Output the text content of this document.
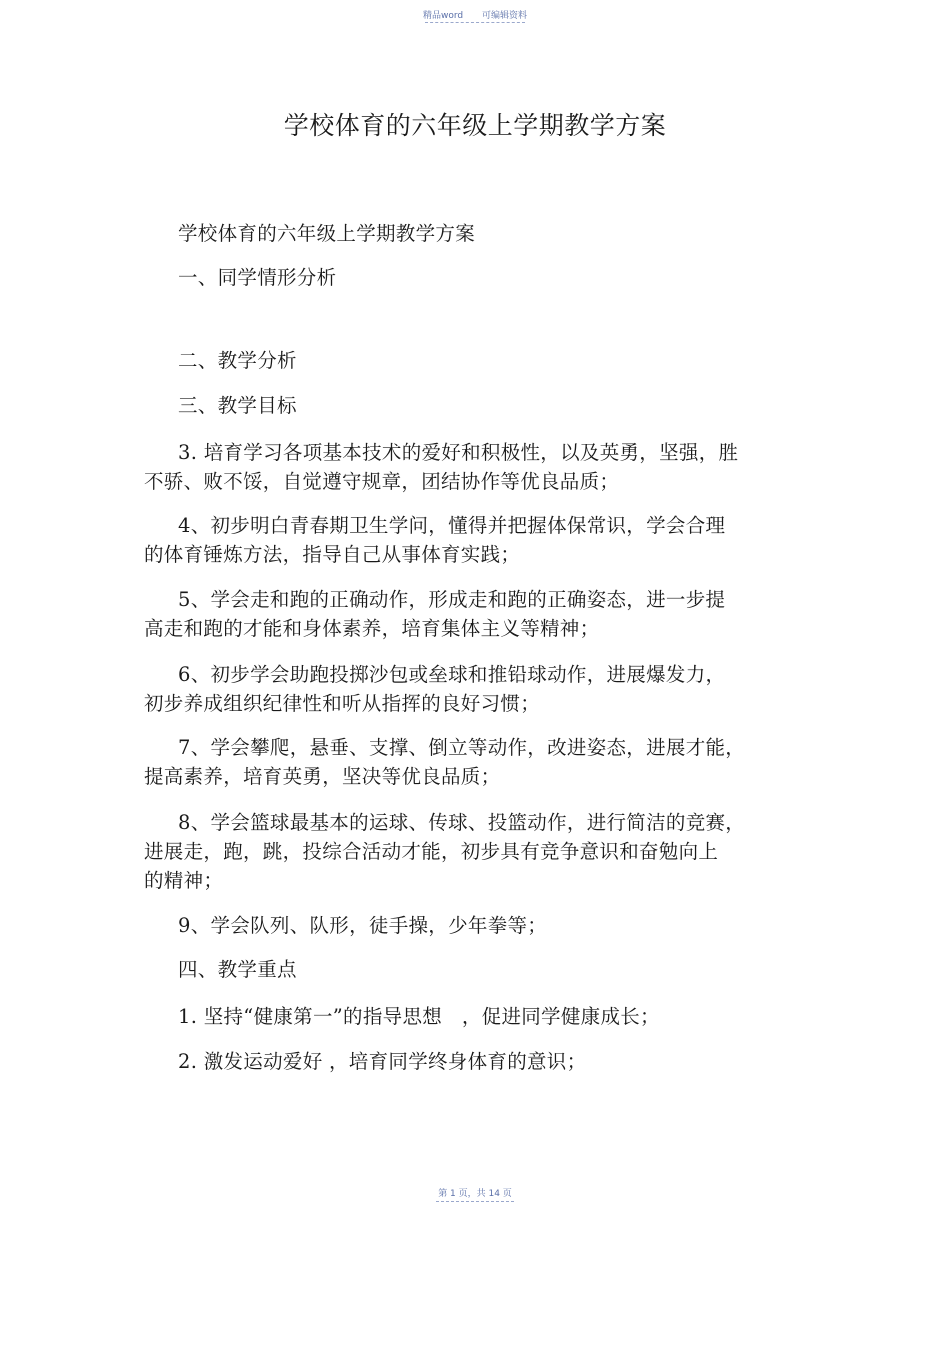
精品word 可编辑资料
学校体育的六年级上学期教学方案
学校体育的六年级上学期教学方案
一、同学情形分析
二、教学分析
三、教学目标
3. 培育学习各项基本技术的爱好和积极性，以及英勇，坚强，胜
不骄、败不馁，自觉遵守规章，团结协作等优良品质；
4、初步明白青春期卫生学问，懂得并把握体保常识，学会合理
的体育锤炼方法，指导自己从事体育实践；
5、学会走和跑的正确动作，形成走和跑的正确姿态，进一步提
高走和跑的才能和身体素养，培育集体主义等精神；
6、初步学会助跑投掷沙包或垒球和推铅球动作，进展爆发力，
初步养成组织纪律性和听从指挥的良好习惯；
7、学会攀爬，悬垂、支撑、倒立等动作，改进姿态，进展才能，
提高素养，培育英勇，坚决等优良品质；
8、学会篮球最基本的运球、传球、投篮动作，进行简洁的竞赛，
进展走，跑，跳，投综合活动才能，初步具有竞争意识和奋勉向上
的精神；
9、学会队列、队形，徒手操，少年拳等；
四、教学重点
1. 坚持“健康第一”的指导思想　，促进同学健康成长；
2. 激发运动爱好 ，培育同学终身体育的意识；
第 1 页，共 14 页
